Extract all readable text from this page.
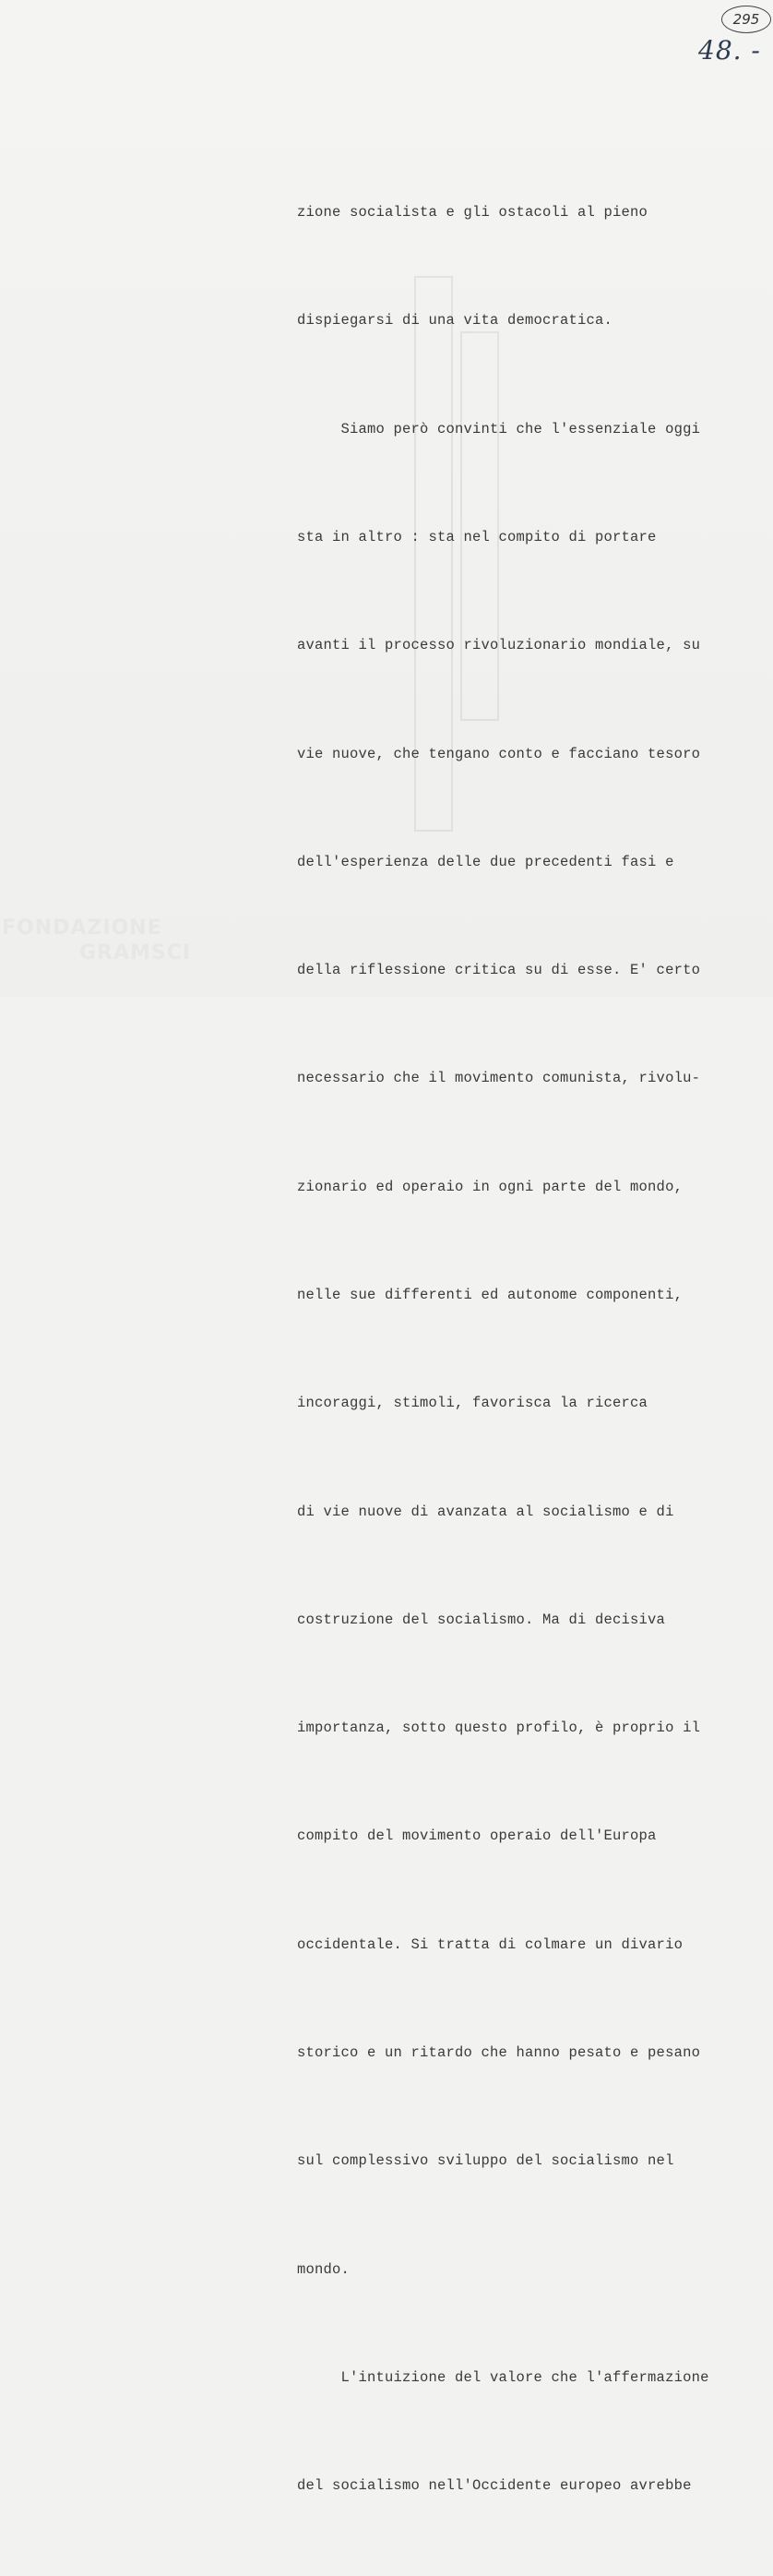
295
48. -

zione socialista e gli ostacoli al pieno

dispiegarsi di una vita democratica.

Siamo però convinti che l'essenziale oggi

sta in altro : sta nel compito di portare

avanti il processo rivoluzionario mondiale, su

vie nuove, che tengano conto e facciano tesoro

dell'esperienza delle due precedenti fasi e

della riflessione critica su di esse. E' certo

necessario che il movimento comunista, rivolu-

zionario ed operaio in ogni parte del mondo,

nelle sue differenti ed autonome componenti,

incoraggi, stimoli, favorisca la ricerca

di vie nuove di avanzata al socialismo e di

costruzione del socialismo. Ma di decisiva

importanza, sotto questo profilo, è proprio il

compito del movimento operaio dell'Europa

occidentale. Si tratta di colmare un divario

storico e un ritardo che hanno pesato e pesano

sul complessivo sviluppo del socialismo nel

mondo.

L'intuizione del valore che l'affermazione

del socialismo nell'Occidente europeo avrebbe

FONDAZIONE
GRAMSCI
